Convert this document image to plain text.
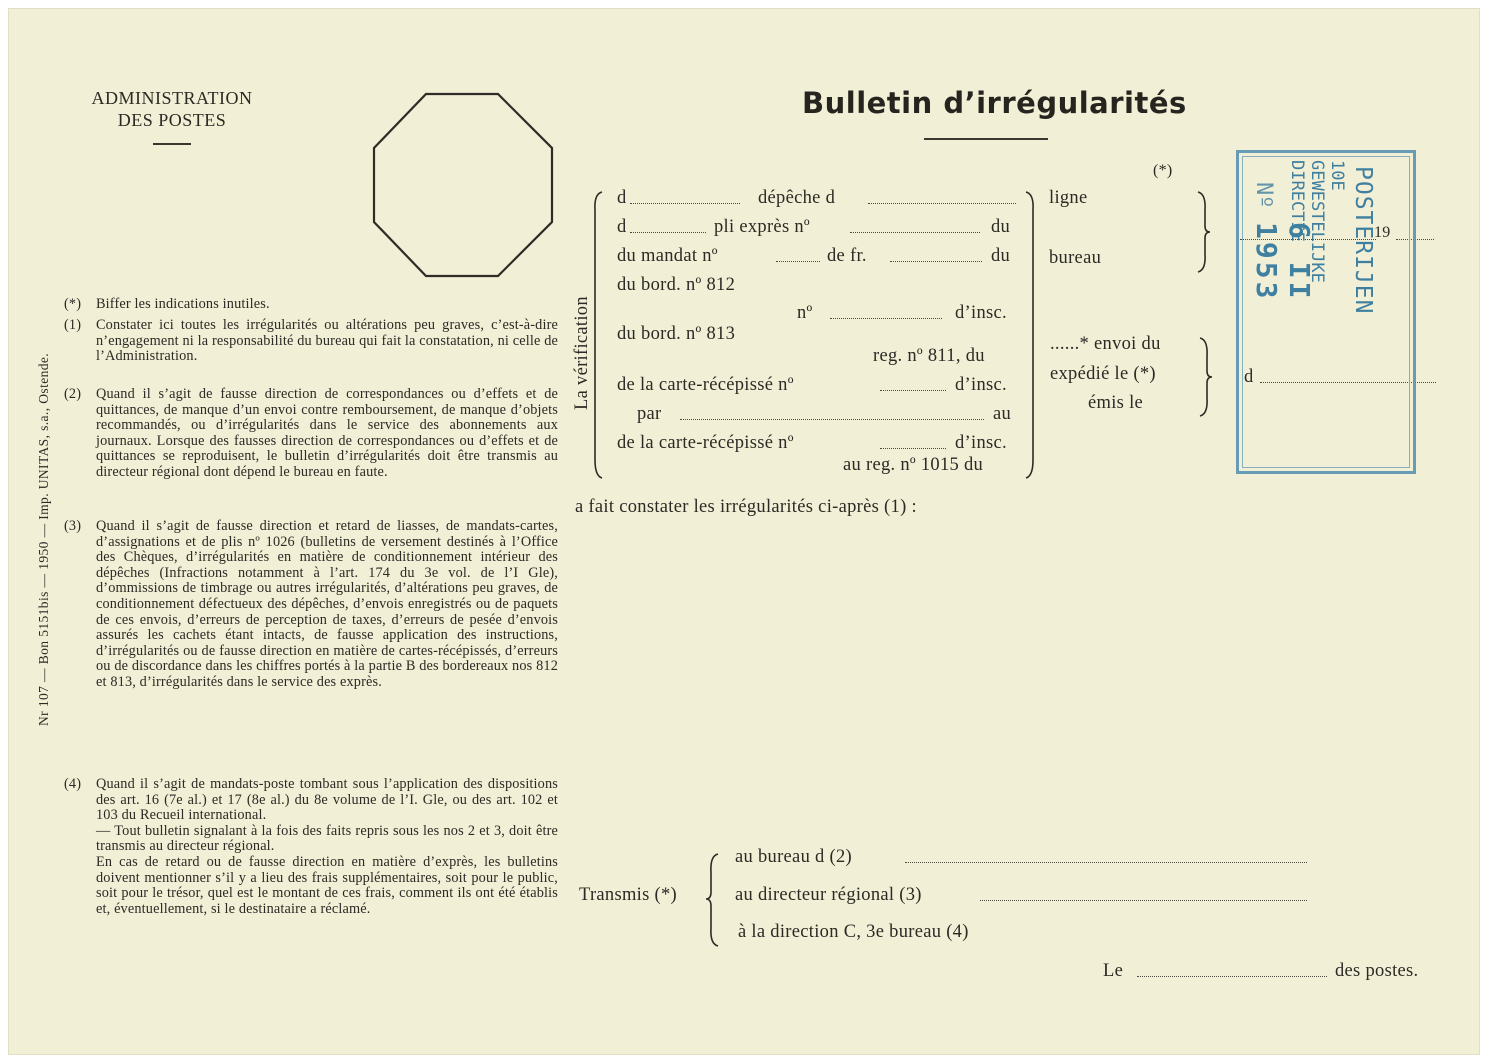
ADMINISTRATION
DES POSTES	Bulletin d’irrégularités
Nr 107 — Bon 5151bis — 1950 — Imp. UNITAS, s.a., Ostende.
(*) Biffer les indications inutiles.
(1) Constater ici toutes les irrégularités ou altérations peu graves, c’est-à-dire n’engagement ni la responsabilité du bureau qui fait la constatation, ni celle de l’Administration.
(2) Quand il s’agit de fausse direction de correspondances ou d’effets et de quittances, de manque d’un envoi contre remboursement, de manque d’objets recommandés, ou d’irrégularités dans le service des abonnements aux journaux. Lorsque des fausses direction de correspondances ou d’effets et de quittances se reproduisent, le bulletin d’irrégularités doit être transmis au directeur régional dont dépend le bureau en faute.
(3) Quand il s’agit de fausse direction et retard de liasses, de mandats-cartes, d’assignations et de plis nº 1026 (bulletins de versement destinés à l’Office des Chèques, d’irrégularités en matière de conditionnement intérieur des dépêches (Infractions notamment à l’art. 174 du 3e vol. de l’I Gle), d’ommissions de timbrage ou autres irrégularités, d’altérations peu graves, de conditionnement défectueux des dépêches, d’envois enregistrés ou de paquets de ces envois, d’erreurs de perception de taxes, d’erreurs de pesée d’envois assurés les cachets étant intacts, de fausse application des instructions, d’irrégularités ou de fausse direction en matière de cartes-récépissés, d’erreurs ou de discordance dans les chiffres portés à la partie B des bordereaux nos 812 et 813, d’irrégularités dans le service des exprès.
(4) Quand il s’agit de mandats-poste tombant sous l’application des dispositions des art. 16 (7e al.) et 17 (8e al.) du 8e volume de l’I. Gle, ou des art. 102 et 103 du Recueil international.
— Tout bulletin signalant à la fois des faits repris sous les nos 2 et 3, doit être transmis au directeur régional.
En cas de retard ou de fausse direction en matière d’exprès, les bulletins doivent mentionner s’il y a lieu des frais supplémentaires, soit pour le public, soit pour le trésor, quel est le montant de ces frais, comment ils ont été établis et, éventuellement, si le destinataire a réclamé.
La vérification
(*)
d	dépêche d
d	pli exprès nº	du
du mandat nº	de fr.	du
du bord. nº 812
nº	d’insc.
du bord. nº 813
reg. nº 811, du
de la carte-récépissé nº	d’insc.
par	au
de la carte-récépissé nº	d’insc.
au reg. nº 1015 du
ligne
bureau
19
......* envoi du
expédié le (*)
émis le
d
POSTERIJEN
10E GEWESTELIJKE DIRECTIE
Nº
6 II 1953
a fait constater les irrégularités ci-après (1) :
Transmis (*)
au bureau d (2)
au directeur régional (3)
à la direction C, 3e bureau (4)
Le	des postes.
